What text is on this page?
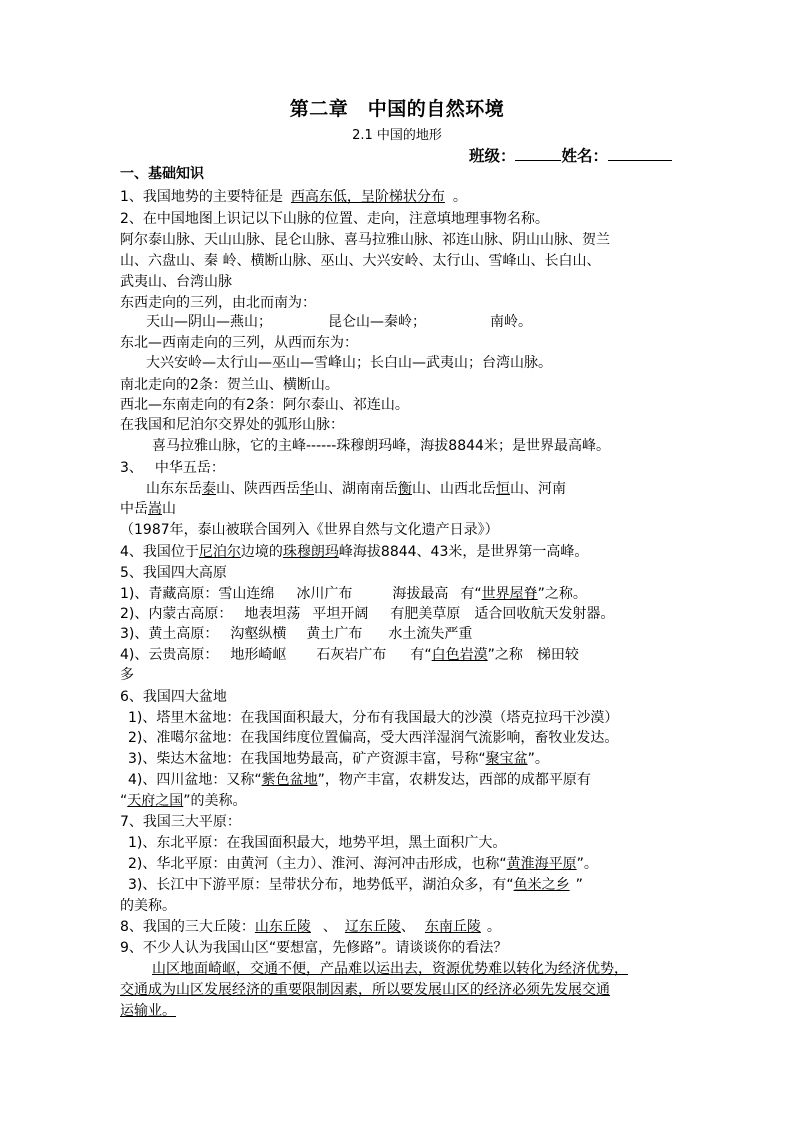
第二章　 中国的自然环境
2.1 中国的地形
班级：	姓名：
一、基础知识
1、我国地势的主要特征是 西高东低，呈阶梯状分布 。
2、在中国地图上识记以下山脉的位置、走向，注意填地理事物名称。
阿尔泰山脉、天山山脉、昆仑山脉、喜马拉雅山脉、祁连山脉、阴山山脉、贺兰
山、六盘山、秦 岭、横断山脉、巫山、大兴安岭、太行山、雪峰山、长白山、
武夷山、台湾山脉
东西走向的三列，由北而南为：
天山—阴山—燕山；	昆仑山—秦岭；	南岭。
东北—西南走向的三列，从西而东为：
大兴安岭—太行山—巫山—雪峰山；长白山—武夷山；台湾山脉。
南北走向的2条：贺兰山、横断山。
西北—东南走向的有2条：阿尔泰山、祁连山。
在我国和尼泊尔交界处的弧形山脉：
喜马拉雅山脉，它的主峰------珠穆朗玛峰，海拔8844米；是世界最高峰。
3、 中华五岳：
山东东岳泰山、陕西西岳华山、湖南南岳衡山、山西北岳恒山、河南
中岳嵩山
（1987年，泰山被联合国列入《世界自然与文化遗产日录》）
4、我国位于尼泊尔边境的珠穆朗玛峰海拔8844、43米，是世界第一高峰。
5、我国四大高原
1)、青藏高原：雪山连绵 冰川广布	海拔最高 有“世界屋脊”之称。
2)、内蒙古高原： 地表坦荡 平坦开阔 有肥美草原 适合回收航天发射器。
3)、黄土高原： 沟壑纵横 黄土广布 水土流失严重
4)、云贵高原： 地形崎岖 石灰岩广布 有“白色岩漠”之称 梯田较
多
6、我国四大盆地
1)、塔里木盆地：在我国面积最大，分布有我国最大的沙漠（塔克拉玛干沙漠）
2)、准噶尔盆地：在我国纬度位置偏高，受大西洋湿润气流影响，畜牧业发达。
3)、柴达木盆地：在我国地势最高，矿产资源丰富，号称“聚宝盆”。
4)、四川盆地：又称“紫色盆地”，物产丰富，农耕发达，西部的成都平原有
“天府之国”的美称。
7、我国三大平原：
1)、东北平原：在我国面积最大，地势平坦，黑土面积广大。
2)、华北平原：由黄河（主力）、淮河、海河冲击形成，也称“黄淮海平原”。
3)、长江中下游平原：呈带状分布，地势低平，湖泊众多，有“鱼米之乡 ”
的美称。
8、我国的三大丘陵：山东丘陵 、 辽东丘陵、 东南丘陵 。
9、不少人认为我国山区“要想富，先修路”。请谈谈你的看法？
山区地面崎岖，交通不便，产品难以运出去，资源优势难以转化为经济优势，
交通成为山区发展经济的重要限制因素，所以要发展山区的经济必须先发展交通
运输业。
